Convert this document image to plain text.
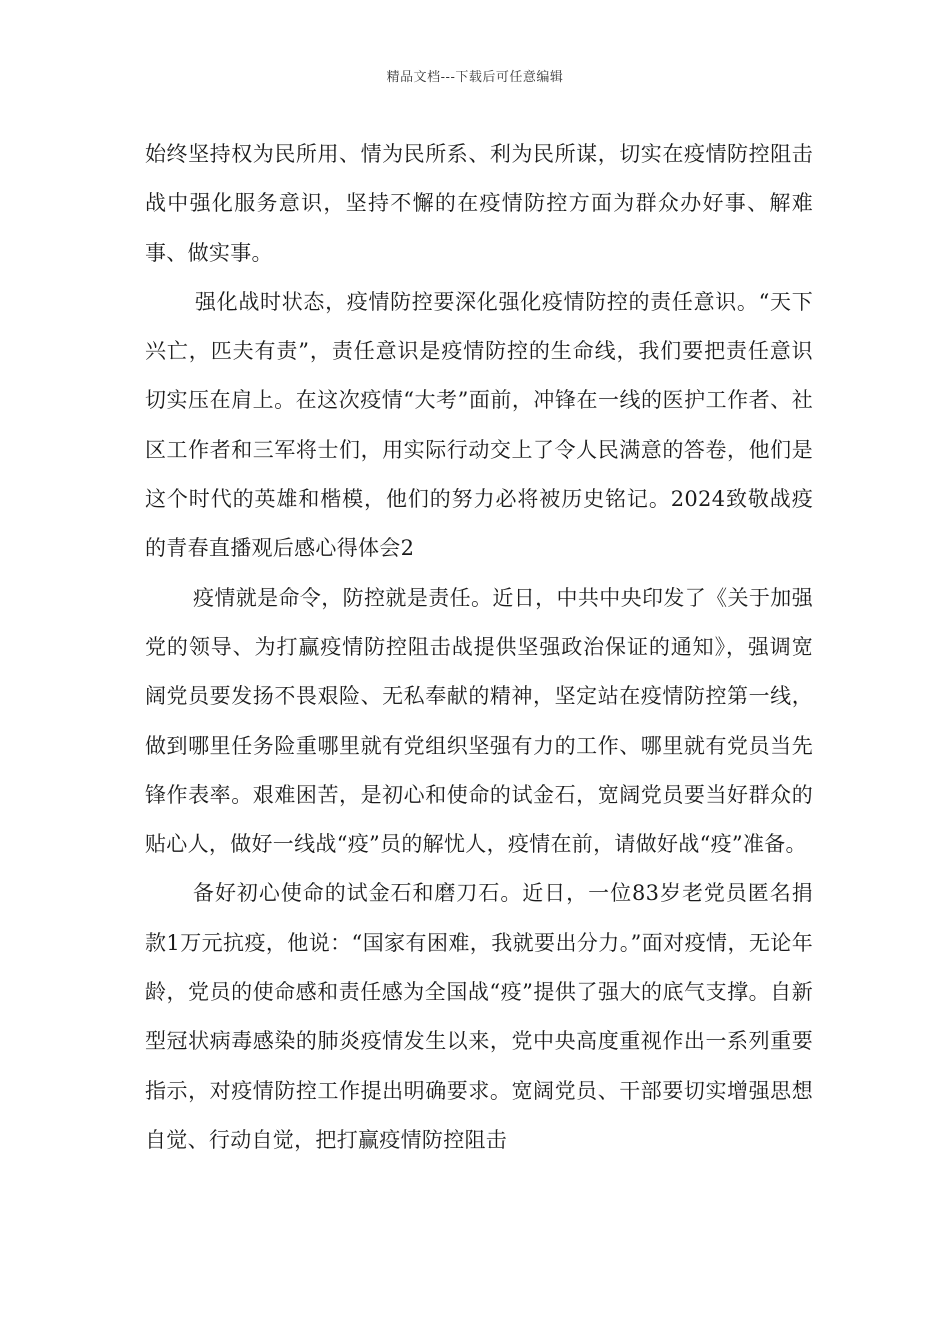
精品文档---下载后可任意编辑

始终坚持权为民所用、情为民所系、利为民所谋，切实在疫情防控阻击战中强化服务意识，坚持不懈的在疫情防控方面为群众办好事、解难事、做实事。

强化战时状态，疫情防控要深化强化疫情防控的责任意识。“天下兴亡，匹夫有责”，责任意识是疫情防控的生命线，我们要把责任意识切实压在肩上。在这次疫情“大考”面前，冲锋在一线的医护工作者、社区工作者和三军将士们，用实际行动交上了令人民满意的答卷，他们是这个时代的英雄和楷模，他们的努力必将被历史铭记。2024致敬战疫的青春直播观后感心得体会2

疫情就是命令，防控就是责任。近日，中共中央印发了《关于加强党的领导、为打赢疫情防控阻击战提供坚强政治保证的通知》，强调宽阔党员要发扬不畏艰险、无私奉献的精神，坚定站在疫情防控第一线，做到哪里任务险重哪里就有党组织坚强有力的工作、哪里就有党员当先锋作表率。艰难困苦，是初心和使命的试金石，宽阔党员要当好群众的贴心人，做好一线战“疫”员的解忧人，疫情在前，请做好战“疫”准备。

备好初心使命的试金石和磨刀石。近日，一位83岁老党员匿名捐款1万元抗疫，他说：“国家有困难，我就要出分力。”面对疫情，无论年龄，党员的使命感和责任感为全国战“疫”提供了强大的底气支撑。自新型冠状病毒感染的肺炎疫情发生以来，党中央高度重视作出一系列重要指示，对疫情防控工作提出明确要求。宽阔党员、干部要切实增强思想自觉、行动自觉，把打赢疫情防控阻击
